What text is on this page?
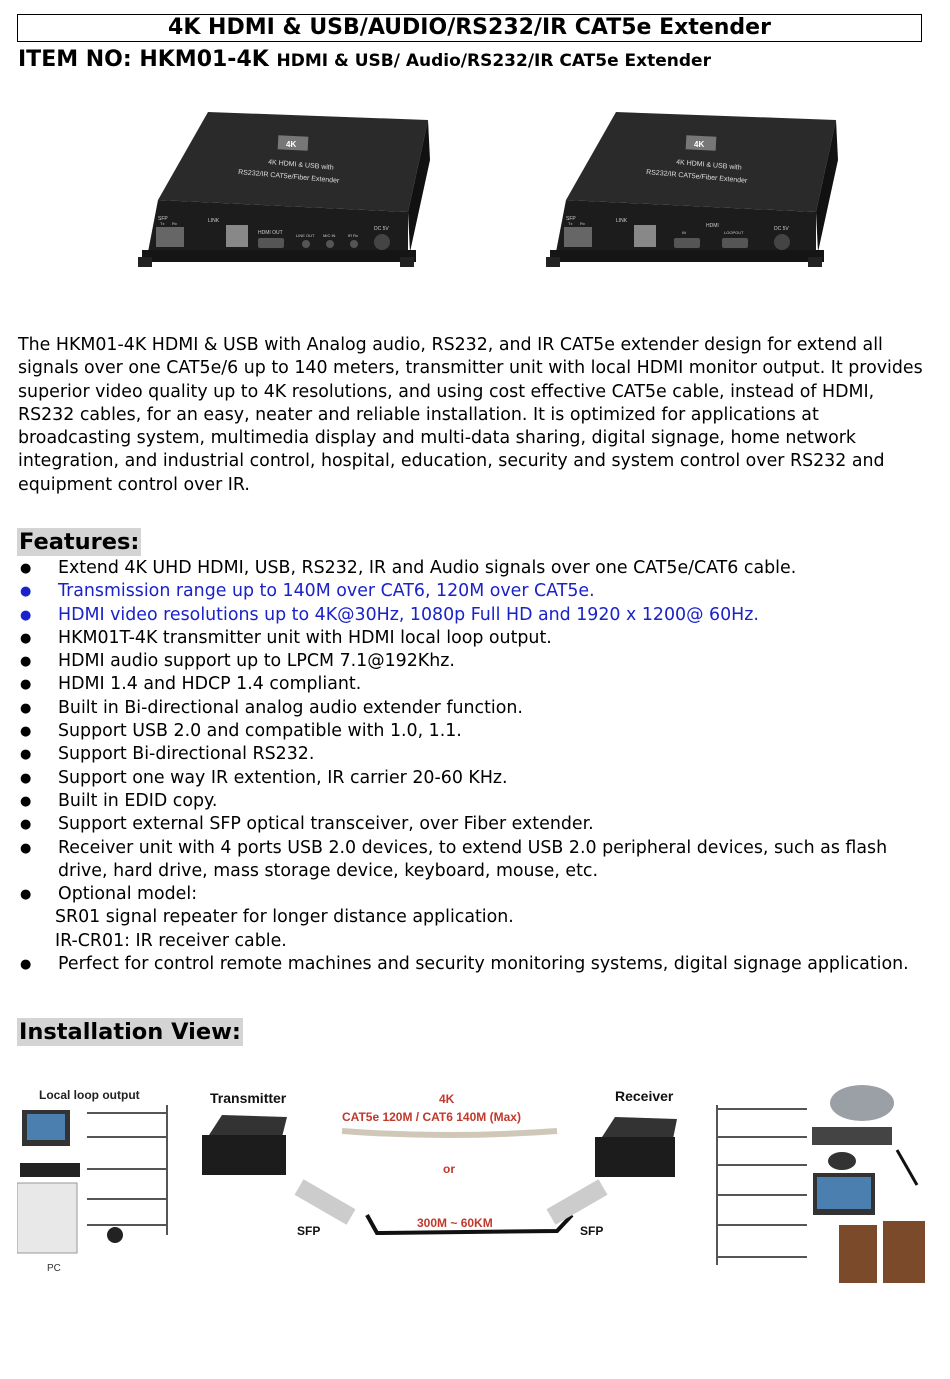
4K HDMI & USB/AUDIO/RS232/IR CAT5e Extender
ITEM NO: HKM01-4K HDMI & USB/ Audio/RS232/IR CAT5e Extender
4K
4K HDMI & USB with
RS232/IR CAT5e/Fiber Extender
SFP
Tx Rx	LINK
HDMI OUT	LINE OUT MIC IN	IR Rx
DC 5V
4K
4K HDMI & USB with
RS232/IR CAT5e/Fiber Extender
SFP
Tx Rx	LINK
HDMI
IN	LOOPOUT
DC 5V
The HKM01-4K HDMI & USB with Analog audio, RS232, and IR CAT5e extender design for extend all signals over one CAT5e/6 up to 140 meters, transmitter unit with local HDMI monitor output. It provides superior video quality up to 4K resolutions, and using cost effective CAT5e cable, instead of HDMI, RS232 cables, for an easy, neater and reliable installation. It is optimized for applications at broadcasting system, multimedia display and multi-data sharing, digital signage, home network integration, and industrial control, hospital, education, security and system control over RS232 and equipment control over IR.
Features:
● Extend 4K UHD HDMI, USB, RS232, IR and Audio signals over one CAT5e/CAT6 cable.
● Transmission range up to 140M over CAT6, 120M over CAT5e.
● HDMI video resolutions up to 4K@30Hz, 1080p Full HD and 1920 x 1200@ 60Hz.
● HKM01T-4K transmitter unit with HDMI local loop output.
● HDMI audio support up to LPCM 7.1@192Khz.
● HDMI 1.4 and HDCP 1.4 compliant.
● Built in Bi-directional analog audio extender function.
● Support USB 2.0 and compatible with 1.0, 1.1.
● Support Bi-directional RS232.
● Support one way IR extention, IR carrier 20-60 KHz.
● Built in EDID copy.
● Support external SFP optical transceiver, over Fiber extender.
● Receiver unit with 4 ports USB 2.0 devices, to extend USB 2.0 peripheral devices, such as flash drive, hard drive, mass storage device, keyboard, mouse, etc.
● Optional model:
SR01 signal repeater for longer distance application.
IR-CR01: IR receiver cable.
● Perfect for control remote machines and security monitoring systems, digital signage application.
Installation View:
Local loop output
PC
Transmitter	4K
CAT5e 120M / CAT6 140M (Max)
or
SFP
300M ~ 60KM
SFP
Receiver
